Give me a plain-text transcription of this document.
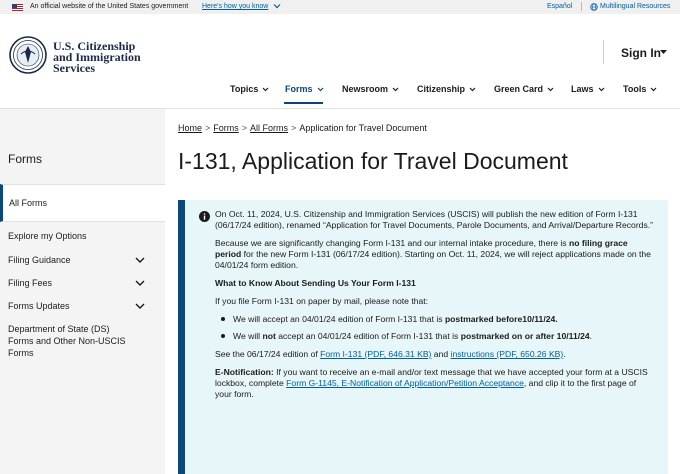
An official website of the United States government Here's how you know	Español	Multilingual Resources
U.S. Citizenship
and Immigration
Services
Sign In
Topics	Forms	Newsroom	Citizenship	Green Card	Laws	Tools
Forms
All Forms
Explore my Options
Filing Guidance
Filing Fees
Forms Updates
Department of State (DS) Forms and Other Non-USCIS Forms
Home > Forms > All Forms > Application for Travel Document
I-131, Application for Travel Document

On Oct. 11, 2024, U.S. Citizenship and Immigration Services (USCIS) will publish the new edition of Form I-131 (06/17/24 edition), renamed “Application for Travel Documents, Parole Documents, and Arrival/Departure Records.”

Because we are significantly changing Form I-131 and our internal intake procedure, there is no filing grace period for the new Form I-131 (06/17/24 edition). Starting on Oct. 11, 2024, we will reject applications made on the 04/01/24 form edition.

What to Know About Sending Us Your Form I-131

If you file Form I-131 on paper by mail, please note that:

We will accept an 04/01/24 edition of Form I-131 that is postmarked before10/11/24.
We will not accept an 04/01/24 edition of Form I-131 that is postmarked on or after 10/11/24.

See the 06/17/24 edition of Form I-131 (PDF, 646.31 KB) and instructions (PDF, 650.26 KB).

E-Notification: If you want to receive an e-mail and/or text message that we have accepted your form at a USCIS lockbox, complete Form G-1145, E-Notification of Application/Petition Acceptance, and clip it to the first page of your form.
